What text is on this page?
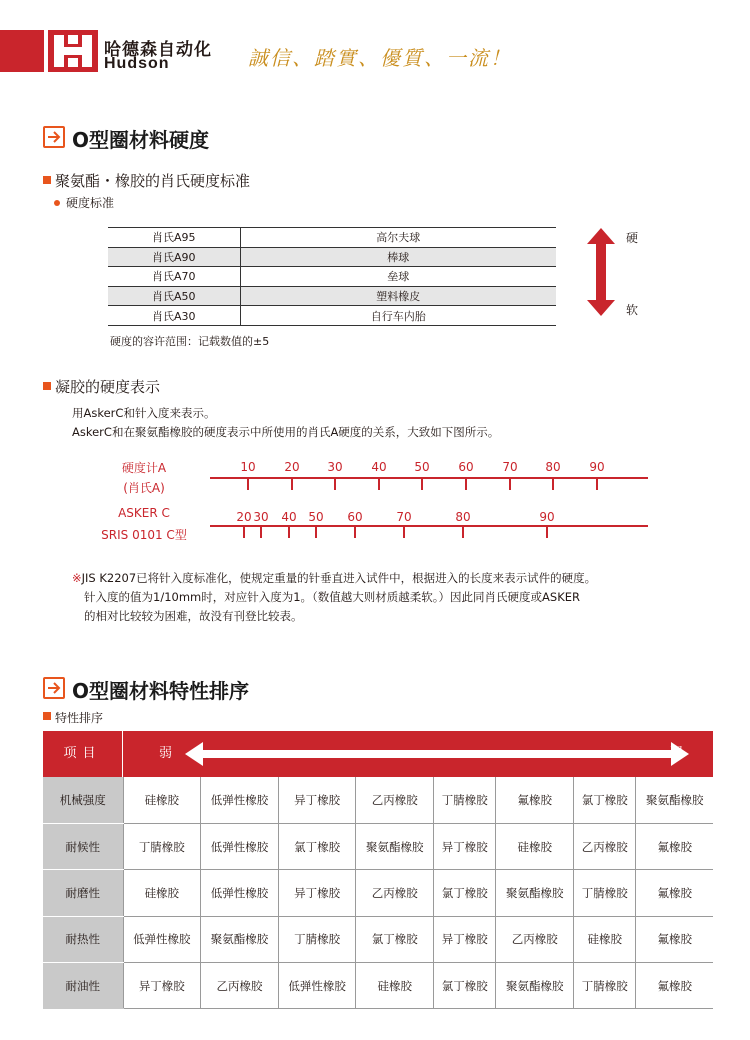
哈德森自动化
Hudson	誠信、踏實、優質、一流！
O型圈材料硬度
聚氨酯・橡胶的肖氏硬度标准
硬度标准
肖氏A95	高尔夫球
肖氏A90	棒球
肖氏A70	垒球
肖氏A50	塑料橡皮
肖氏A30	自行车内胎
硬
软
硬度的容许范围：记载数值的±5
凝胶的硬度表示
用AskerC和针入度来表示。
AskerC和在聚氨酯橡胶的硬度表示中所使用的肖氏A硬度的关系，大致如下图所示。
硬度计A
(肖氏A)
10 20 30 40 50 60 70 80 90
ASKER C
SRIS 0101 C型
20 30 40 50 60	70	80	90
※JIS K2207已将针入度标准化，使规定重量的针垂直进入试件中，根据进入的长度来表示试件的硬度。
针入度的值为1/10mm时，对应针入度为1。（数值越大则材质越柔软。）因此同肖氏硬度或ASKER
的相对比较较为困难，故没有刊登比较表。
O型圈材料特性排序
特性排序
项目	弱	强
机械强度	硅橡胶	低弹性橡胶	异丁橡胶	乙丙橡胶	丁腈橡胶	氟橡胶	氯丁橡胶	聚氨酯橡胶
耐候性	丁腈橡胶	低弹性橡胶	氯丁橡胶	聚氨酯橡胶	异丁橡胶	硅橡胶	乙丙橡胶	氟橡胶
耐磨性	硅橡胶	低弹性橡胶	异丁橡胶	乙丙橡胶	氯丁橡胶	聚氨酯橡胶	丁腈橡胶	氟橡胶
耐热性	低弹性橡胶	聚氨酯橡胶	丁腈橡胶	氯丁橡胶	异丁橡胶	乙丙橡胶	硅橡胶	氟橡胶
耐油性	异丁橡胶	乙丙橡胶	低弹性橡胶	硅橡胶	氯丁橡胶	聚氨酯橡胶	丁腈橡胶	氟橡胶
